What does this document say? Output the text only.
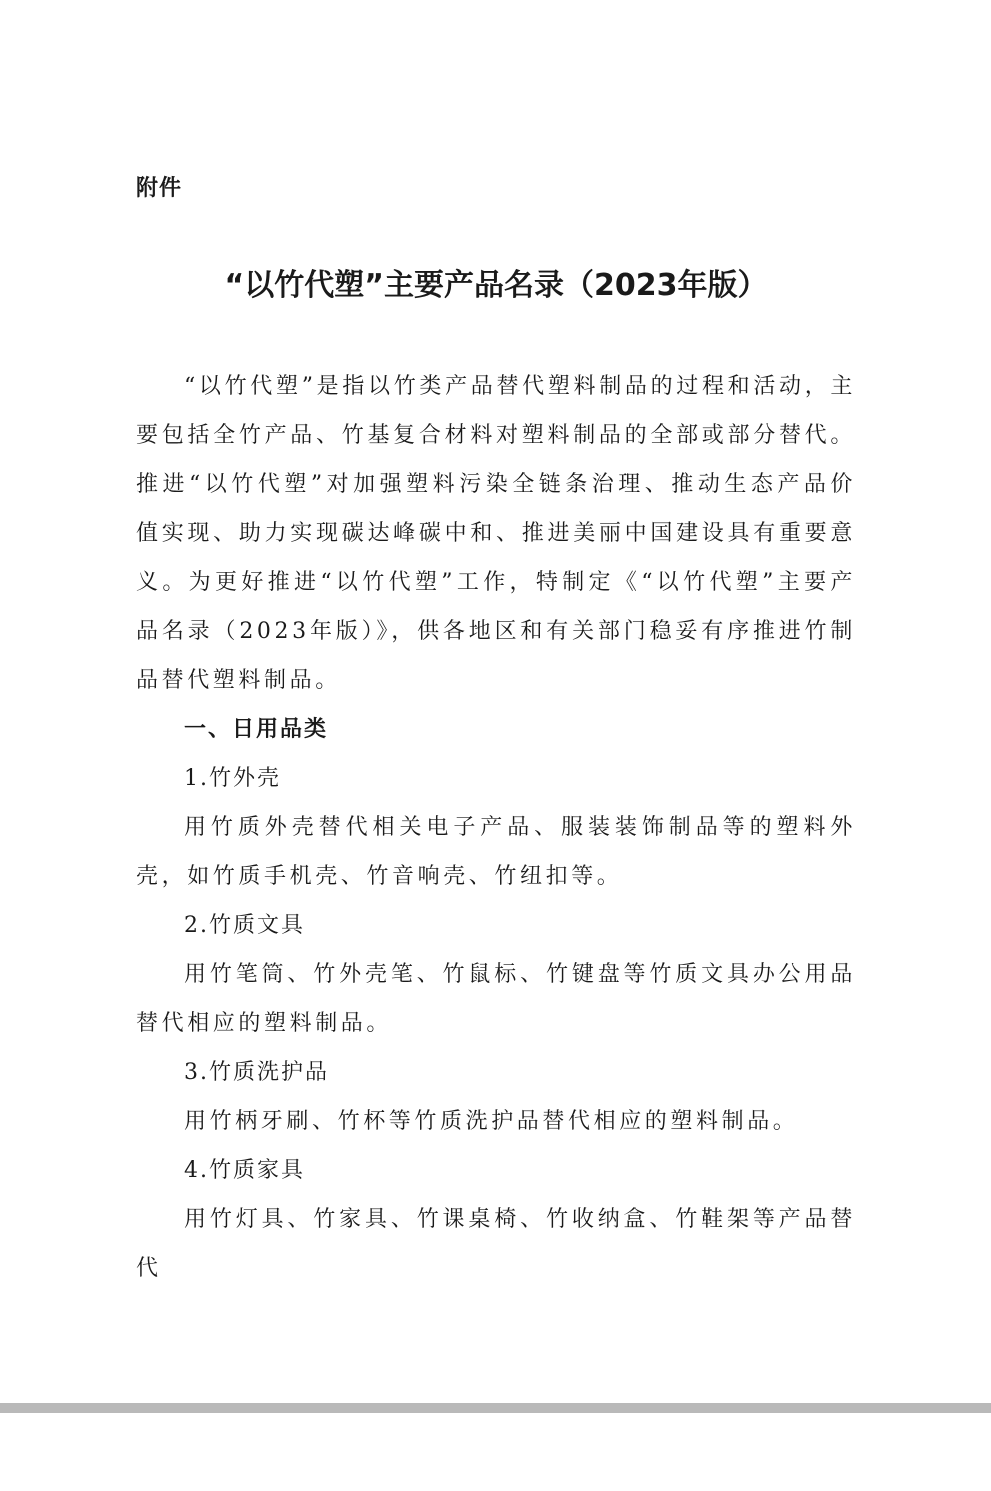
附件
“以竹代塑”主要产品名录（2023年版）

“以竹代塑”是指以竹类产品替代塑料制品的过程和活动，主要包括全竹产品、竹基复合材料对塑料制品的全部或部分替代。推进“以竹代塑”对加强塑料污染全链条治理、推动生态产品价值实现、助力实现碳达峰碳中和、推进美丽中国建设具有重要意义。为更好推进“以竹代塑”工作，特制定《“以竹代塑”主要产品名录（2023年版）》，供各地区和有关部门稳妥有序推进竹制品替代塑料制品。

一、日用品类

1.竹外壳

用竹质外壳替代相关电子产品、服装装饰制品等的塑料外壳，如竹质手机壳、竹音响壳、竹纽扣等。

2.竹质文具

用竹笔筒、竹外壳笔、竹鼠标、竹键盘等竹质文具办公用品替代相应的塑料制品。

3.竹质洗护品

用竹柄牙刷、竹杯等竹质洗护品替代相应的塑料制品。

4.竹质家具

用竹灯具、竹家具、竹课桌椅、竹收纳盒、竹鞋架等产品替代
